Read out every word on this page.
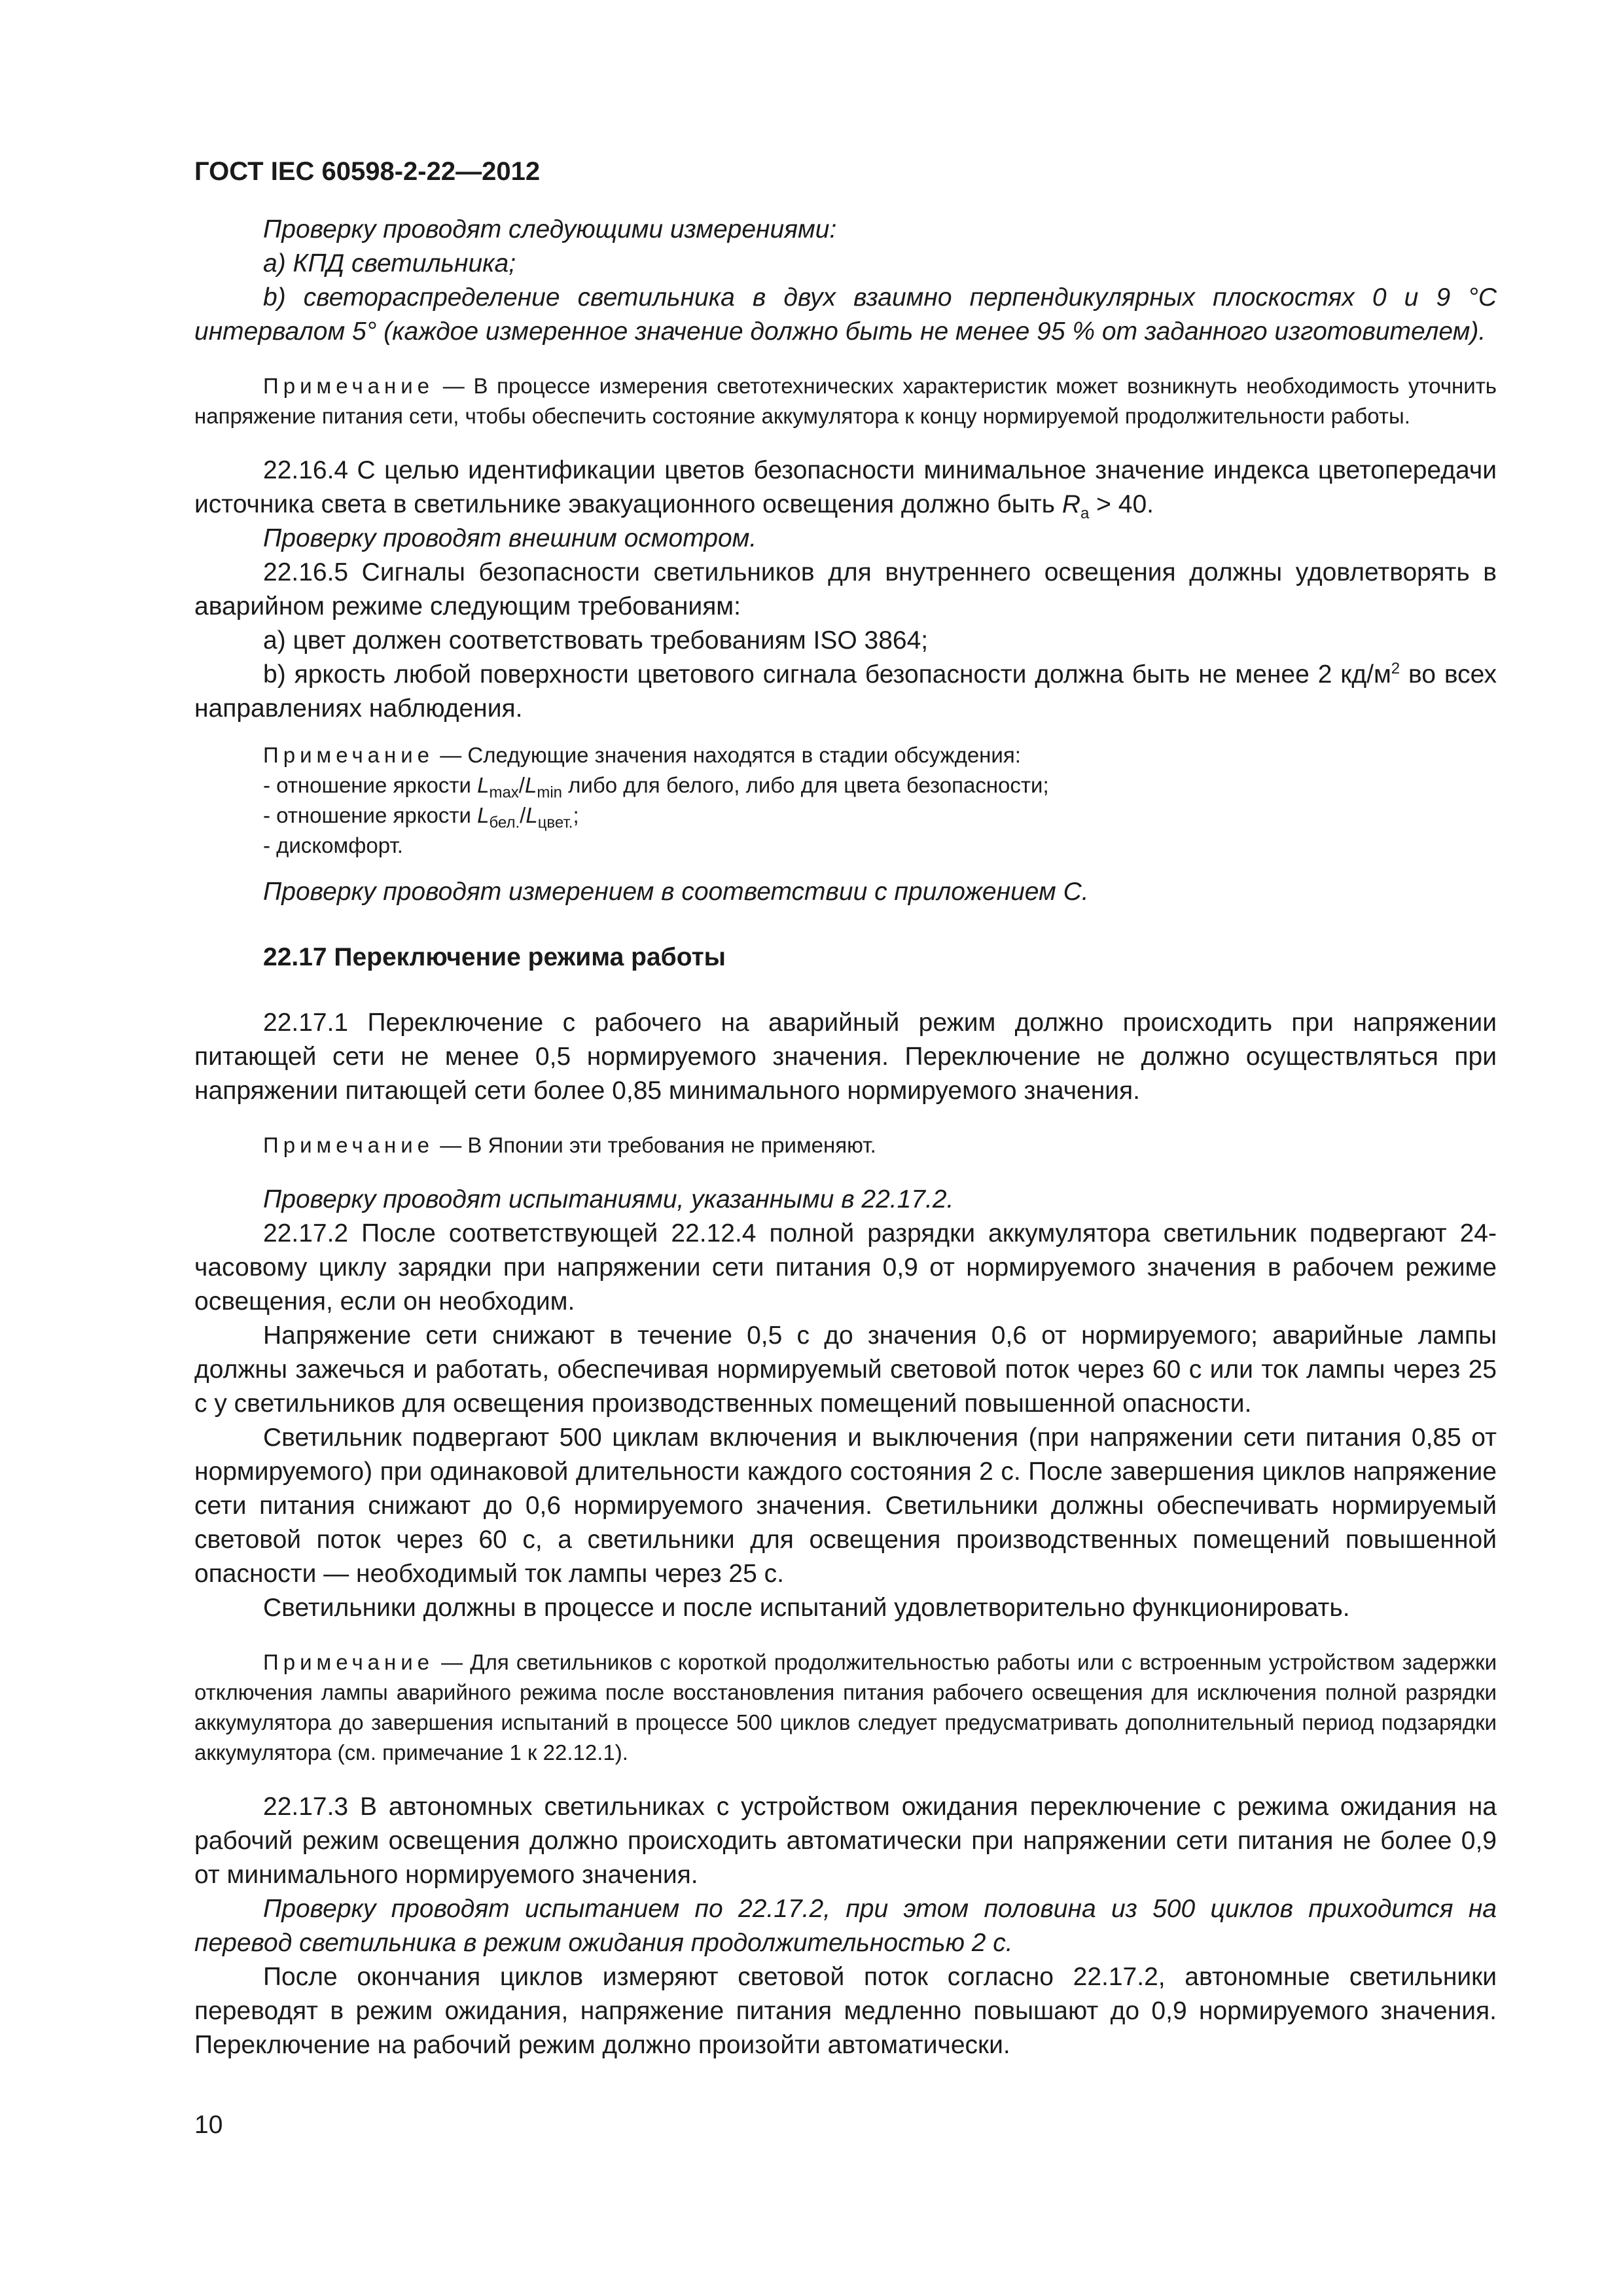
ГОСТ IEC 60598-2-22—2012

Проверку проводят следующими измерениями:

a) КПД светильника;

b) светораспределение светильника в двух взаимно перпендикулярных плоскостях 0 и 9 °С интервалом 5° (каждое измеренное значение должно быть не менее 95 % от заданного изготовителем).

Примечание — В процессе измерения светотехнических характеристик может возникнуть необходимость уточнить напряжение питания сети, чтобы обеспечить состояние аккумулятора к концу нормируемой продолжительности работы.

22.16.4 С целью идентификации цветов безопасности минимальное значение индекса цветопередачи источника света в светильнике эвакуационного освещения должно быть $R_a > 40$.

Проверку проводят внешним осмотром.

22.16.5 Сигналы безопасности светильников для внутреннего освещения должны удовлетворять в аварийном режиме следующим требованиям:

a) цвет должен соответствовать требованиям ISO 3864;

b) яркость любой поверхности цветового сигнала безопасности должна быть не менее 2 $кд/м^2$ во всех направлениях наблюдения.

Примечание — Следующие значения находятся в стадии обсуждения:

- отношение яркости $L_{max}/L_{min}$ либо для белого, либо для цвета безопасности;
- отношение яркости $L_{бел.}/L_{цвет.}$;
- дискомфорт.

Проверку проводят измерением в соответствии с приложением С.

22.17 Переключение режима работы

22.17.1 Переключение с рабочего на аварийный режим должно происходить при напряжении питающей сети не менее 0,5 нормируемого значения. Переключение не должно осуществляться при напряжении питающей сети более 0,85 минимального нормируемого значения.

Примечание — В Японии эти требования не применяют.

Проверку проводят испытаниями, указанными в 22.17.2.

22.17.2 После соответствующей 22.12.4 полной разрядки аккумулятора светильник подвергают 24-часовому циклу зарядки при напряжении сети питания 0,9 от нормируемого значения в рабочем режиме освещения, если он необходим.

Напряжение сети снижают в течение 0,5 с до значения 0,6 от нормируемого; аварийные лампы должны зажечься и работать, обеспечивая нормируемый световой поток через 60 с или ток лампы через 25 с у светильников для освещения производственных помещений повышенной опасности.

Светильник подвергают 500 циклам включения и выключения (при напряжении сети питания 0,85 от нормируемого) при одинаковой длительности каждого состояния 2 с. После завершения циклов напряжение сети питания снижают до 0,6 нормируемого значения. Светильники должны обеспечивать нормируемый световой поток через 60 с, а светильники для освещения производственных помещений повышенной опасности — необходимый ток лампы через 25 с.

Светильники должны в процессе и после испытаний удовлетворительно функционировать.

Примечание — Для светильников с короткой продолжительностью работы или с встроенным устройством задержки отключения лампы аварийного режима после восстановления питания рабочего освещения для исключения полной разрядки аккумулятора до завершения испытаний в процессе 500 циклов следует предусматривать дополнительный период подзарядки аккумулятора (см. примечание 1 к 22.12.1).

22.17.3 В автономных светильниках с устройством ожидания переключение с режима ожидания на рабочий режим освещения должно происходить автоматически при напряжении сети питания не более 0,9 от минимального нормируемого значения.

Проверку проводят испытанием по 22.17.2, при этом половина из 500 циклов приходится на перевод светильника в режим ожидания продолжительностью 2 с.

После окончания циклов измеряют световой поток согласно 22.17.2, автономные светильники переводят в режим ожидания, напряжение питания медленно повышают до 0,9 нормируемого значения. Переключение на рабочий режим должно произойти автоматически.

10
